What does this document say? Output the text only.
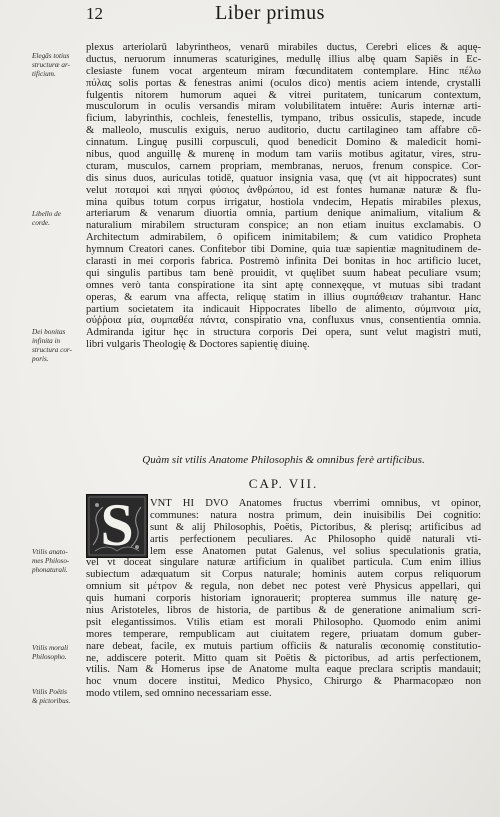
12	Liber primus
Elegās totius
structuræ ar-
tificium.
Libello de
corde.
Dei bonitas
infinita in
structura cor-
poris.
Vtilis anato-
mes Philoso-
phonaturali.
Vtilis morali
Philosopho.
Vtilis Poëtis
& pictoribus.
plexus arteriolarū labyrintheos, venarū mirabiles ductus, Cerebri elices & aquę-
ductus, neruorum innumeras scaturigines, medullę illius albę quam Sapiēs in Ec-
clesiaste funem vocat argenteum miram fœcunditatem contemplare. Hinc πέλω
πύλας solis portas & fenestras animi (oculos dico) mentis aciem intende, crystalli
fulgentis nitorem humorum aquei & vitrei puritatem, tunicarum contextum,
musculorum in oculis versandis miram volubilitatem intuēre: Auris internæ arti-
ficium, labyrinthis, cochleis, fenestellis, tympano, tribus ossiculis, stapede, incude
& malleolo, musculis exiguis, neruo auditorio, ductu cartilagineo tam affabre cō-
cinnatum. Linguę pusilli corpusculi, quod benedicit Domino & maledicit homi-
nibus, quod anguillę & murenę in modum tam variis motibus agitatur, vires, stru-
cturam, musculos, carnem propriam, membranas, neruos, frenum conspice. Cor-
dis sinus duos, auriculas totidē, quatuor insignia vasa, quę (vt ait hippocrates) sunt
velut ποταμοὶ καὶ πηγαὶ φύσιος ἀνθρώπου, id est fontes humanæ naturæ & flu-
mina quibus totum corpus irrigatur, hostiola vndecim, Hepatis mirabiles plexus,
arteriarum & venarum diuortia omnia, partium denique animalium, vitalium &
naturalium mirabilem structuram conspice; an non etiam inuitus exclamabis. O
Architectum admirabilem, ô opificem inimitabilem; & cum vatidico Propheta
hymnum Creatori canes. Confitebor tibi Domine, quia tuæ sapientiæ magnitudinem de-
clarasti in mei corporis fabrica. Postremò infinita Dei bonitas in hoc artificio lucet,
qui singulis partibus tam benè prouidit, vt quęlibet suum habeat peculiare vsum;
omnes verò tanta conspiratione ita sint aptę connexęque, vt mutuas sibi tradant
operas, & earum vna affecta, reliquę statim in illius συμπάθειαν trahantur. Hanc
partium societatem ita indicauit Hippocrates libello de alimento, σύμπνοια μία,
σύῤῥοια μία, συμπαθέα πάντα, conspiratio vna, confluxus vnus, consentientia omnia.
Admiranda igitur hęc in structura corporis Dei opera, sunt velut magistri muti,
libri vulgaris Theologię & Doctores sapientię diuinę.
Quàm sit vtilis Anatome Philosophis & omnibus ferè artificibus.
CAP. VII.
S	VNT HI DVO Anatomes fructus vberrimi omnibus, vt opinor,
communes: natura nostra primum, dein inuisibilis Dei cognitio:
sunt & alij Philosophis, Poëtis, Pictoribus, & plerisq; artificibus ad
artis perfectionem peculiares. Ac Philosopho quidē naturali vti-
lem esse Anatomen putat Galenus, vel solius speculationis gratia,
vel vt doceat singulare naturæ artificium in qualibet particula. Cum enim illius
subiectum adæquatum sit Corpus naturale; hominis autem corpus reliquorum
omnium sit μέτρον & regula, non debet nec potest verè Physicus appellari, qui
quis humani corporis historiam ignorauerit; propterea summus ille naturę ge-
nius Aristoteles, libros de historia, de partibus & de generatione animalium scri-
psit elegantissimos. Vtilis etiam est morali Philosopho. Quomodo enim animi
mores temperare, rempublicam aut ciuitatem regere, priuatam domum guber-
nare debeat, facile, ex mutuis partium officiis & naturalis œconomię constitutio-
ne, addiscere poterit. Mitto quam sit Poëtis & pictoribus, ad artis perfectionem,
vtilis. Nam & Homerus ipse de Anatome multa eaque preclara scriptis mandauit;
hoc vnum docere institui, Medico Physico, Chirurgo & Pharmacopæo non
modo vtilem, sed omnino necessariam esse.
